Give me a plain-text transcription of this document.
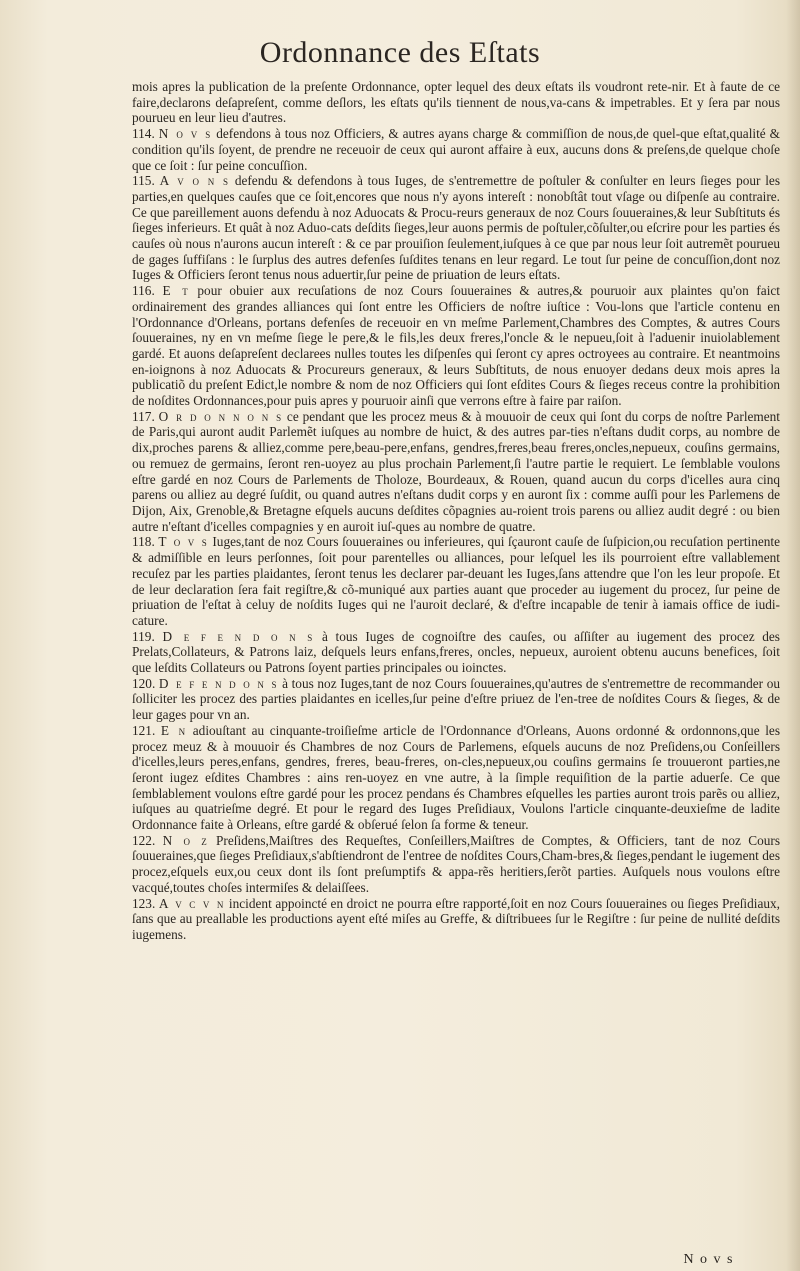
Ordonnance des Eſtats

mois apres la publication de la preſente Ordonnance, opter lequel des deux eſtats ils voudront rete-nir. Et à faute de ce faire,declarons deſapreſent, comme deſlors, les eſtats qu'ils tiennent de nous,va-cans & impetrables. Et y ſera par nous pourueu en leur lieu d'autres.

114. N o v s defendons à tous noz Officiers, & autres ayans charge & commiſſion de nous,de quel-que eſtat,qualité & condition qu'ils ſoyent, de prendre ne receuoir de ceux qui auront affaire à eux, aucuns dons & preſens,de quelque choſe que ce ſoit : ſur peine concuſſion.

115. A v o n s defendu & defendons à tous Iuges, de s'entremettre de poſtuler & conſulter en leurs ſieges pour les parties,en quelques cauſes que ce ſoit,encores que nous n'y ayons intereſt : nonobſtât tout vſage ou diſpenſe au contraire. Ce que pareillement auons defendu à noz Aduocats & Procu-reurs generaux de noz Cours ſouueraines,& leur Subſtituts és ſieges inferieurs. Et quât à noz Aduo-cats deſdits ſieges,leur auons permis de poſtuler,cõſulter,ou eſcrire pour les parties és cauſes où nous n'aurons aucun intereſt : & ce par prouiſion ſeulement,iuſques à ce que par nous leur ſoit autremẽt pourueu de gages ſuffiſans : le ſurplus des autres defenſes ſuſdites tenans en leur regard. Le tout ſur peine de concuſſion,dont noz Iuges & Officiers ſeront tenus nous aduertir,ſur peine de priuation de leurs eſtats.

116. E t pour obuier aux recuſations de noz Cours ſouueraines & autres,& pouruoir aux plaintes qu'on faict ordinairement des grandes alliances qui ſont entre les Officiers de noſtre iuſtice : Vou-lons que l'article contenu en l'Ordonnance d'Orleans, portans defenſes de receuoir en vn meſme Parlement,Chambres des Comptes, & autres Cours ſouueraines, ny en vn meſme ſiege le pere,& le fils,les deux freres,l'oncle & le nepueu,ſoit à l'aduenir inuiolablement gardé. Et auons deſapreſent declarees nulles toutes les diſpenſes qui ſeront cy apres octroyees au contraire. Et neantmoins en-ioignons à noz Aduocats & Procureurs generaux, & leurs Subſtituts, de nous enuoyer dedans deux mois apres la publicatiõ du preſent Edict,le nombre & nom de noz Officiers qui ſont eſdites Cours & ſieges receus contre la prohibition de noſdites Ordonnances,pour puis apres y pouruoir ainſi que verrons eſtre à faire par raiſon.

117. O r d o n n o n s ce pendant que les procez meus & à mouuoir de ceux qui ſont du corps de noſtre Parlement de Paris,qui auront audit Parlemẽt iuſques au nombre de huict, & des autres par-ties n'eſtans dudit corps, au nombre de dix,proches parens & alliez,comme pere,beau-pere,enfans, gendres,freres,beau freres,oncles,nepueux, couſins germains, ou remuez de germains, ſeront ren-uoyez au plus prochain Parlement,ſi l'autre partie le requiert. Le ſemblable voulons eſtre gardé en noz Cours de Parlements de Tholoze, Bourdeaux, & Rouen, quand aucun du corps d'icelles aura cinq parens ou alliez au degré ſuſdit, ou quand autres n'eſtans dudit corps y en auront ſix : comme auſſi pour les Parlemens de Dijon, Aix, Grenoble,& Bretagne eſquels aucuns deſdites cõpagnies au-roient trois parens ou alliez audit degré : ou bien autre n'eſtant d'icelles compagnies y en auroit iuſ-ques au nombre de quatre.

118. T o v s Iuges,tant de noz Cours ſouueraines ou inferieures, qui ſçauront cauſe de ſuſpicion,ou recuſation pertinente & admiſſible en leurs perſonnes, ſoit pour parentelles ou alliances, pour leſquel les ils pourroient eſtre vallablement recuſez par les parties plaidantes, ſeront tenus les declarer par-deuant les Iuges,ſans attendre que l'on les leur propoſe. Et de leur declaration ſera fait regiſtre,& cõ-muniqué aux parties auant que proceder au iugement du procez, ſur peine de priuation de l'eſtat à celuy de noſdits Iuges qui ne l'auroit declaré, & d'eſtre incapable de tenir à iamais office de iudi-cature.

119. D e f e n d o n s à tous Iuges de cognoiſtre des cauſes, ou aſſiſter au iugement des procez des Prelats,Collateurs, & Patrons laiz, deſquels leurs enfans,freres, oncles, nepueux, auroient obtenu aucuns benefices, ſoit que leſdits Collateurs ou Patrons ſoyent parties principales ou ioinctes.

120. D e f e n d o n s à tous noz Iuges,tant de noz Cours ſouueraines,qu'autres de s'entremettre de recommander ou ſolliciter les procez des parties plaidantes en icelles,ſur peine d'eſtre priuez de l'en-tree de noſdites Cours & ſieges, & de leur gages pour vn an.

121. E n adiouſtant au cinquante-troiſieſme article de l'Ordonnance d'Orleans, Auons ordonné & ordonnons,que les procez meuz & à mouuoir és Chambres de noz Cours de Parlemens, eſquels aucuns de noz Preſidens,ou Conſeillers d'icelles,leurs peres,enfans, gendres, freres, beau-freres, on-cles,nepueux,ou couſins germains ſe trouueront parties,ne ſeront iugez eſdites Chambres : ains ren-uoyez en vne autre, à la ſimple requiſition de la partie aduerſe. Ce que ſemblablement voulons eſtre gardé pour les procez pendans és Chambres eſquelles les parties auront trois parẽs ou alliez, iuſques au quatrieſme degré. Et pour le regard des Iuges Preſidiaux, Voulons l'article cinquante-deuxieſme de ladite Ordonnance faite à Orleans, eſtre gardé & obſerué ſelon ſa forme & teneur.

122. N o z Preſidens,Maiſtres des Requeſtes, Conſeillers,Maiſtres de Comptes, & Officiers, tant de noz Cours ſouueraines,que ſieges Preſidiaux,s'abſtiendront de l'entree de noſdites Cours,Cham-bres,& ſieges,pendant le iugement des procez,eſquels eux,ou ceux dont ils ſont preſumptifs & appa-rẽs heritiers,ſerõt parties. Auſquels nous voulons eſtre vacqué,toutes choſes intermiſes & delaiſſees.

123. A v c v n incident appoincté en droict ne pourra eſtre rapporté,ſoit en noz Cours ſouueraines ou ſieges Preſidiaux, ſans que au preallable les productions ayent eſté miſes au Greffe, & diſtribuees ſur le Regiſtre : ſur peine de nullité deſdits iugemens.

N o v s
